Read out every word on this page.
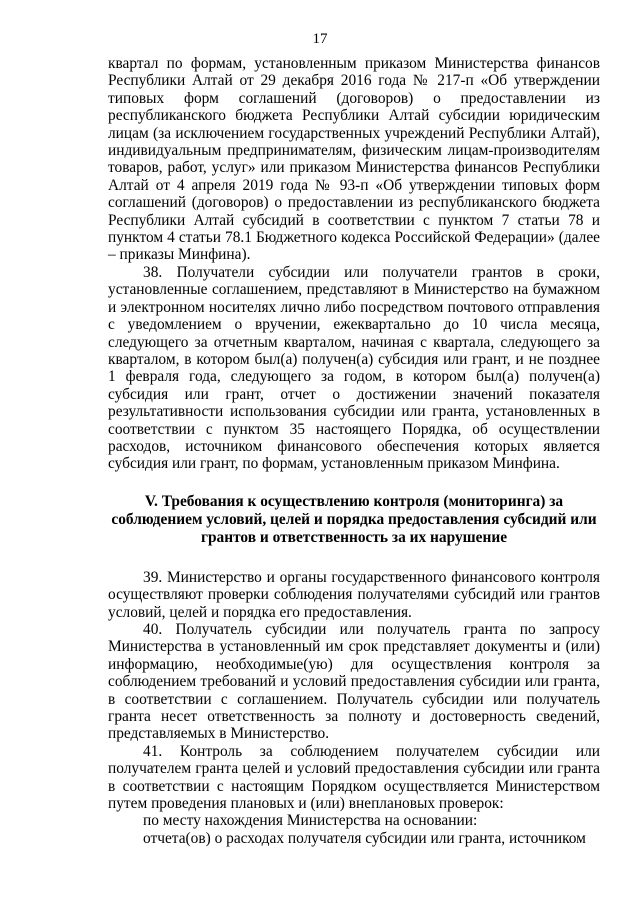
17

квартал по формам, установленным приказом Министерства финансов Республики Алтай от 29 декабря 2016 года № 217-п «Об утверждении типовых форм соглашений (договоров) о предоставлении из республиканского бюджета Республики Алтай субсидии юридическим лицам (за исключением государственных учреждений Республики Алтай), индивидуальным предпринимателям, физическим лицам-производителям товаров, работ, услуг» или приказом Министерства финансов Республики Алтай от 4 апреля 2019 года № 93-п «Об утверждении типовых форм соглашений (договоров) о предоставлении из республиканского бюджета Республики Алтай субсидий в соответствии с пунктом 7 статьи 78 и пунктом 4 статьи 78.1 Бюджетного кодекса Российской Федерации» (далее – приказы Минфина).

38. Получатели субсидии или получатели грантов в сроки, установленные соглашением, представляют в Министерство на бумажном и электронном носителях лично либо посредством почтового отправления с уведомлением о вручении, ежеквартально до 10 числа месяца, следующего за отчетным кварталом, начиная с квартала, следующего за кварталом, в котором был(а) получен(а) субсидия или грант, и не позднее 1 февраля года, следующего за годом, в котором был(а) получен(а) субсидия или грант, отчет о достижении значений показателя результативности использования субсидии или гранта, установленных в соответствии с пунктом 35 настоящего Порядка, об осуществлении расходов, источником финансового обеспечения которых является субсидия или грант, по формам, установленным приказом Минфина.

V. Требования к осуществлению контроля (мониторинга) за соблюдением условий, целей и порядка предоставления субсидий или грантов и ответственность за их нарушение

39. Министерство и органы государственного финансового контроля осуществляют проверки соблюдения получателями субсидий или грантов условий, целей и порядка его предоставления.

40. Получатель субсидии или получатель гранта по запросу Министерства в установленный им срок представляет документы и (или) информацию, необходимые(ую) для осуществления контроля за соблюдением требований и условий предоставления субсидии или гранта, в соответствии с соглашением. Получатель субсидии или получатель гранта несет ответственность за полноту и достоверность сведений, представляемых в Министерство.

41. Контроль за соблюдением получателем субсидии или получателем гранта целей и условий предоставления субсидии или гранта в соответствии с настоящим Порядком осуществляется Министерством путем проведения плановых и (или) внеплановых проверок:

по месту нахождения Министерства на основании:

отчета(ов) о расходах получателя субсидии или гранта, источником
